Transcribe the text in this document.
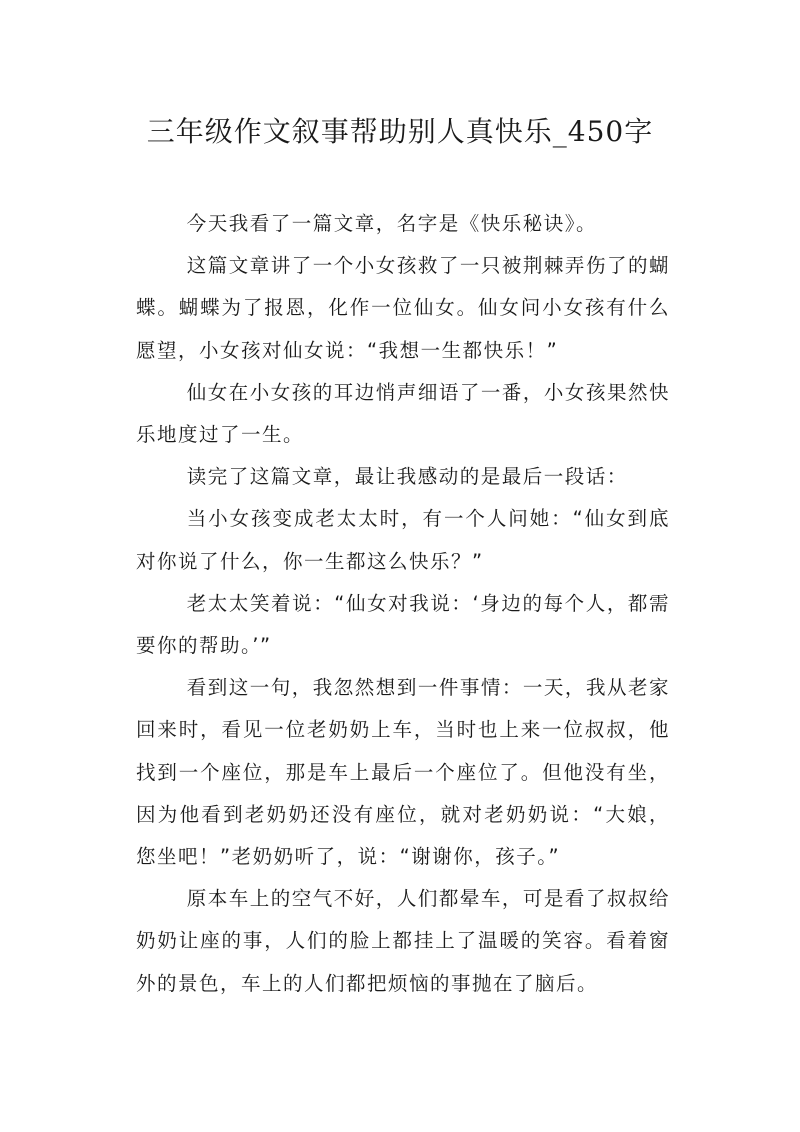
三年级作文叙事帮助别人真快乐_450字

今天我看了一篇文章，名字是《快乐秘诀》。

这篇文章讲了一个小女孩救了一只被荆棘弄伤了的蝴蝶。蝴蝶为了报恩，化作一位仙女。仙女问小女孩有什么愿望，小女孩对仙女说：“我想一生都快乐！”

仙女在小女孩的耳边悄声细语了一番，小女孩果然快乐地度过了一生。

读完了这篇文章，最让我感动的是最后一段话：

当小女孩变成老太太时，有一个人问她：“仙女到底对你说了什么，你一生都这么快乐？”

老太太笑着说：“仙女对我说：‘身边的每个人，都需要你的帮助。’”

看到这一句，我忽然想到一件事情：一天，我从老家回来时，看见一位老奶奶上车，当时也上来一位叔叔，他找到一个座位，那是车上最后一个座位了。但他没有坐，因为他看到老奶奶还没有座位，就对老奶奶说：“大娘，您坐吧！”老奶奶听了，说：“谢谢你，孩子。”

原本车上的空气不好，人们都晕车，可是看了叔叔给奶奶让座的事，人们的脸上都挂上了温暖的笑容。看着窗外的景色，车上的人们都把烦恼的事抛在了脑后。
